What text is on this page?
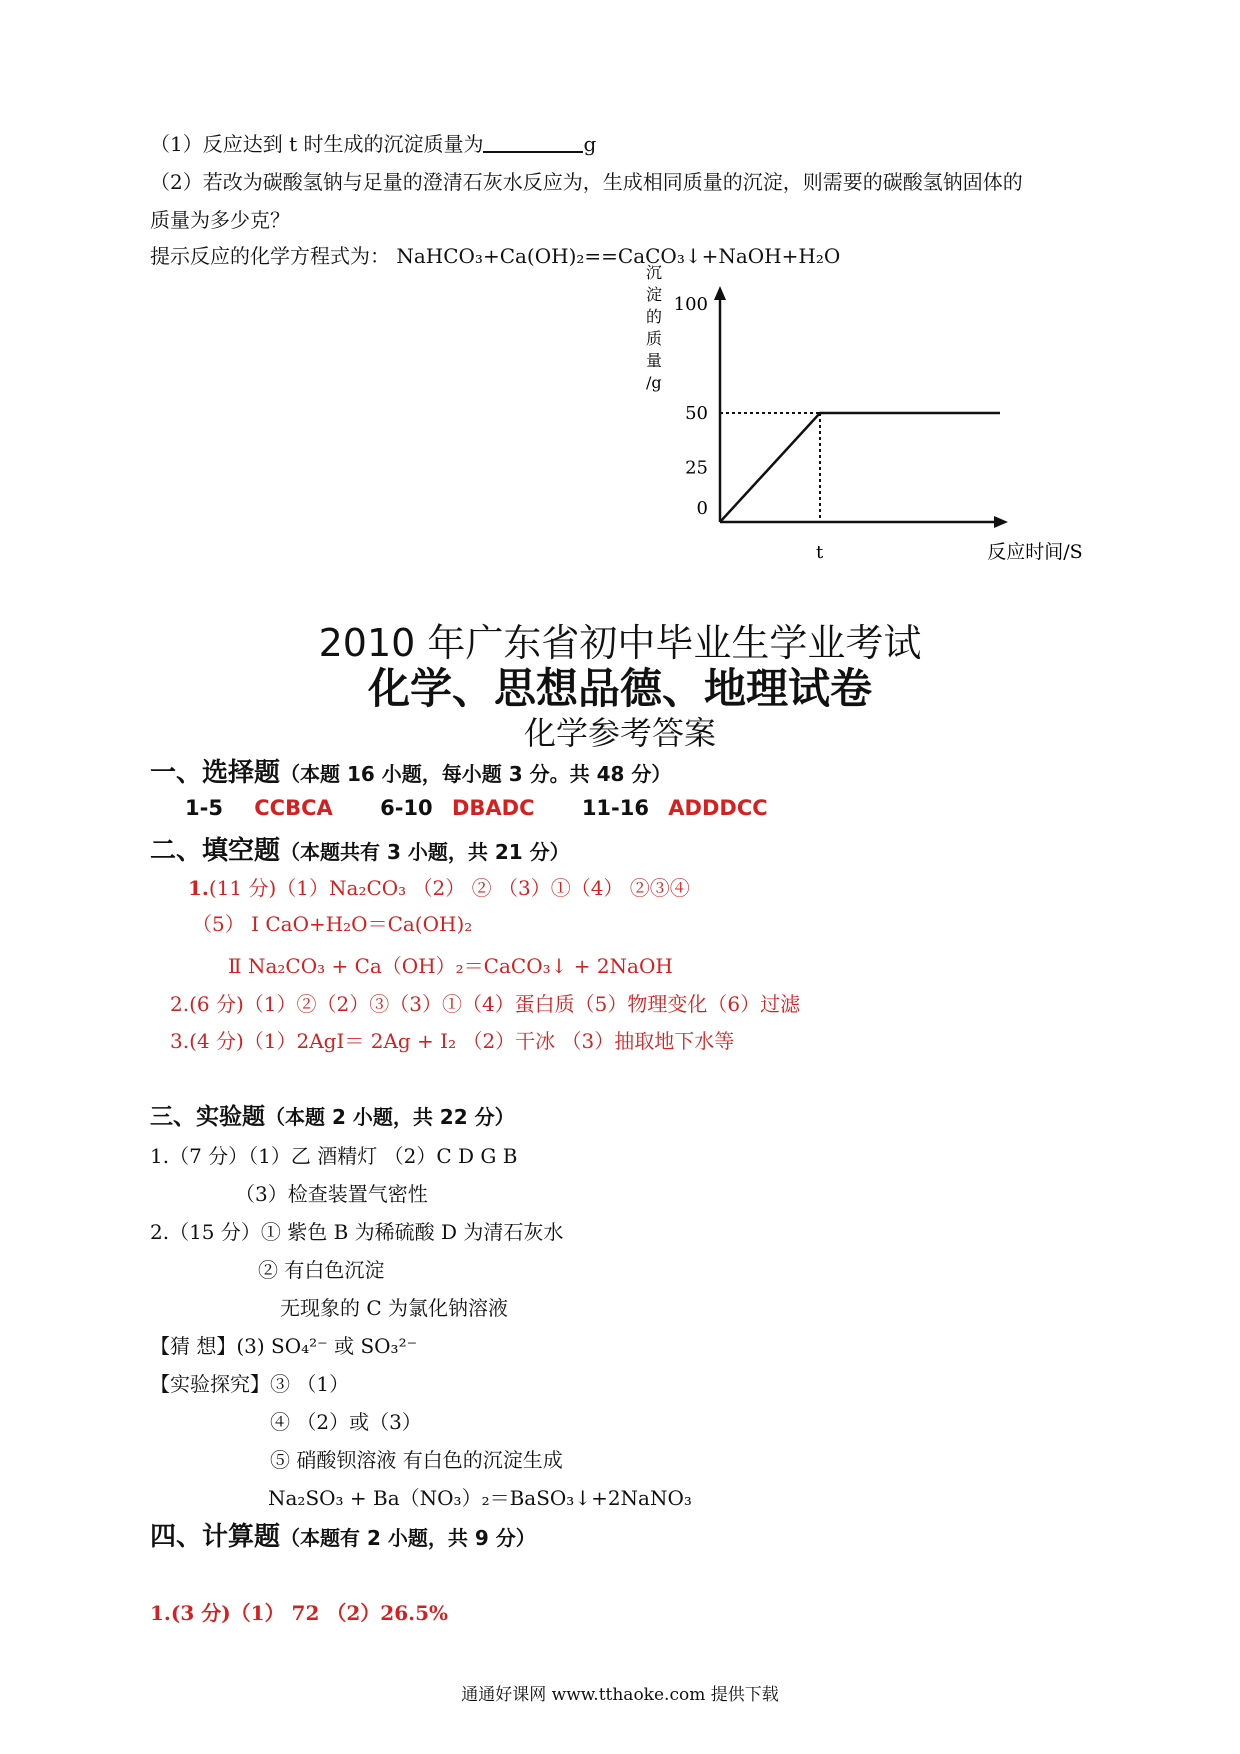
（1）反应达到 t 时生成的沉淀质量为	g
（2）若改为碳酸氢钠与足量的澄清石灰水反应为，生成相同质量的沉淀，则需要的碳酸氢钠固体的
质量为多少克？
提示反应的化学方程式为： NaHCO₃+Ca(OH)₂==CaCO₃↓+NaOH+H₂O
沉
淀
的
质
量
/g
100
50
25
0
t	反应时间/S
2010 年广东省初中毕业生学业考试
化学、思想品德、地理试卷
化学参考答案
一、选择题（本题 16 小题，每小题 3 分。共 48 分）
1-5 CCBCA 6-10 DBADC 11-16 ADDDCC
二、填空题（本题共有 3 小题，共 21 分）
1.(11 分)（1）Na₂CO₃ （2） ② （3）①（4） ②③④
（5） I CaO+H₂O＝Ca(OH)₂
Ⅱ Na₂CO₃ + Ca（OH）₂＝CaCO₃↓ + 2NaOH
2.(6 分)（1）②（2）③（3）①（4）蛋白质（5）物理变化（6）过滤
3.(4 分)（1）2AgI＝ 2Ag + I₂ （2）干冰 （3）抽取地下水等
三、实验题（本题 2 小题，共 22 分）
1.（7 分）（1）乙 酒精灯 （2）C D G B
（3）检查装置气密性
2.（15 分）① 紫色 B 为稀硫酸 D 为清石灰水
② 有白色沉淀
无现象的 C 为氯化钠溶液
【猜 想】(3) SO₄²⁻ 或 SO₃²⁻
【实验探究】③ （1）
④ （2）或（3）
⑤ 硝酸钡溶液 有白色的沉淀生成
Na₂SO₃ + Ba（NO₃）₂＝BaSO₃↓+2NaNO₃
四、计算题（本题有 2 小题，共 9 分）
1.(3 分)（1） 72 （2）26.5%
通通好课网 www.tthaoke.com 提供下载
